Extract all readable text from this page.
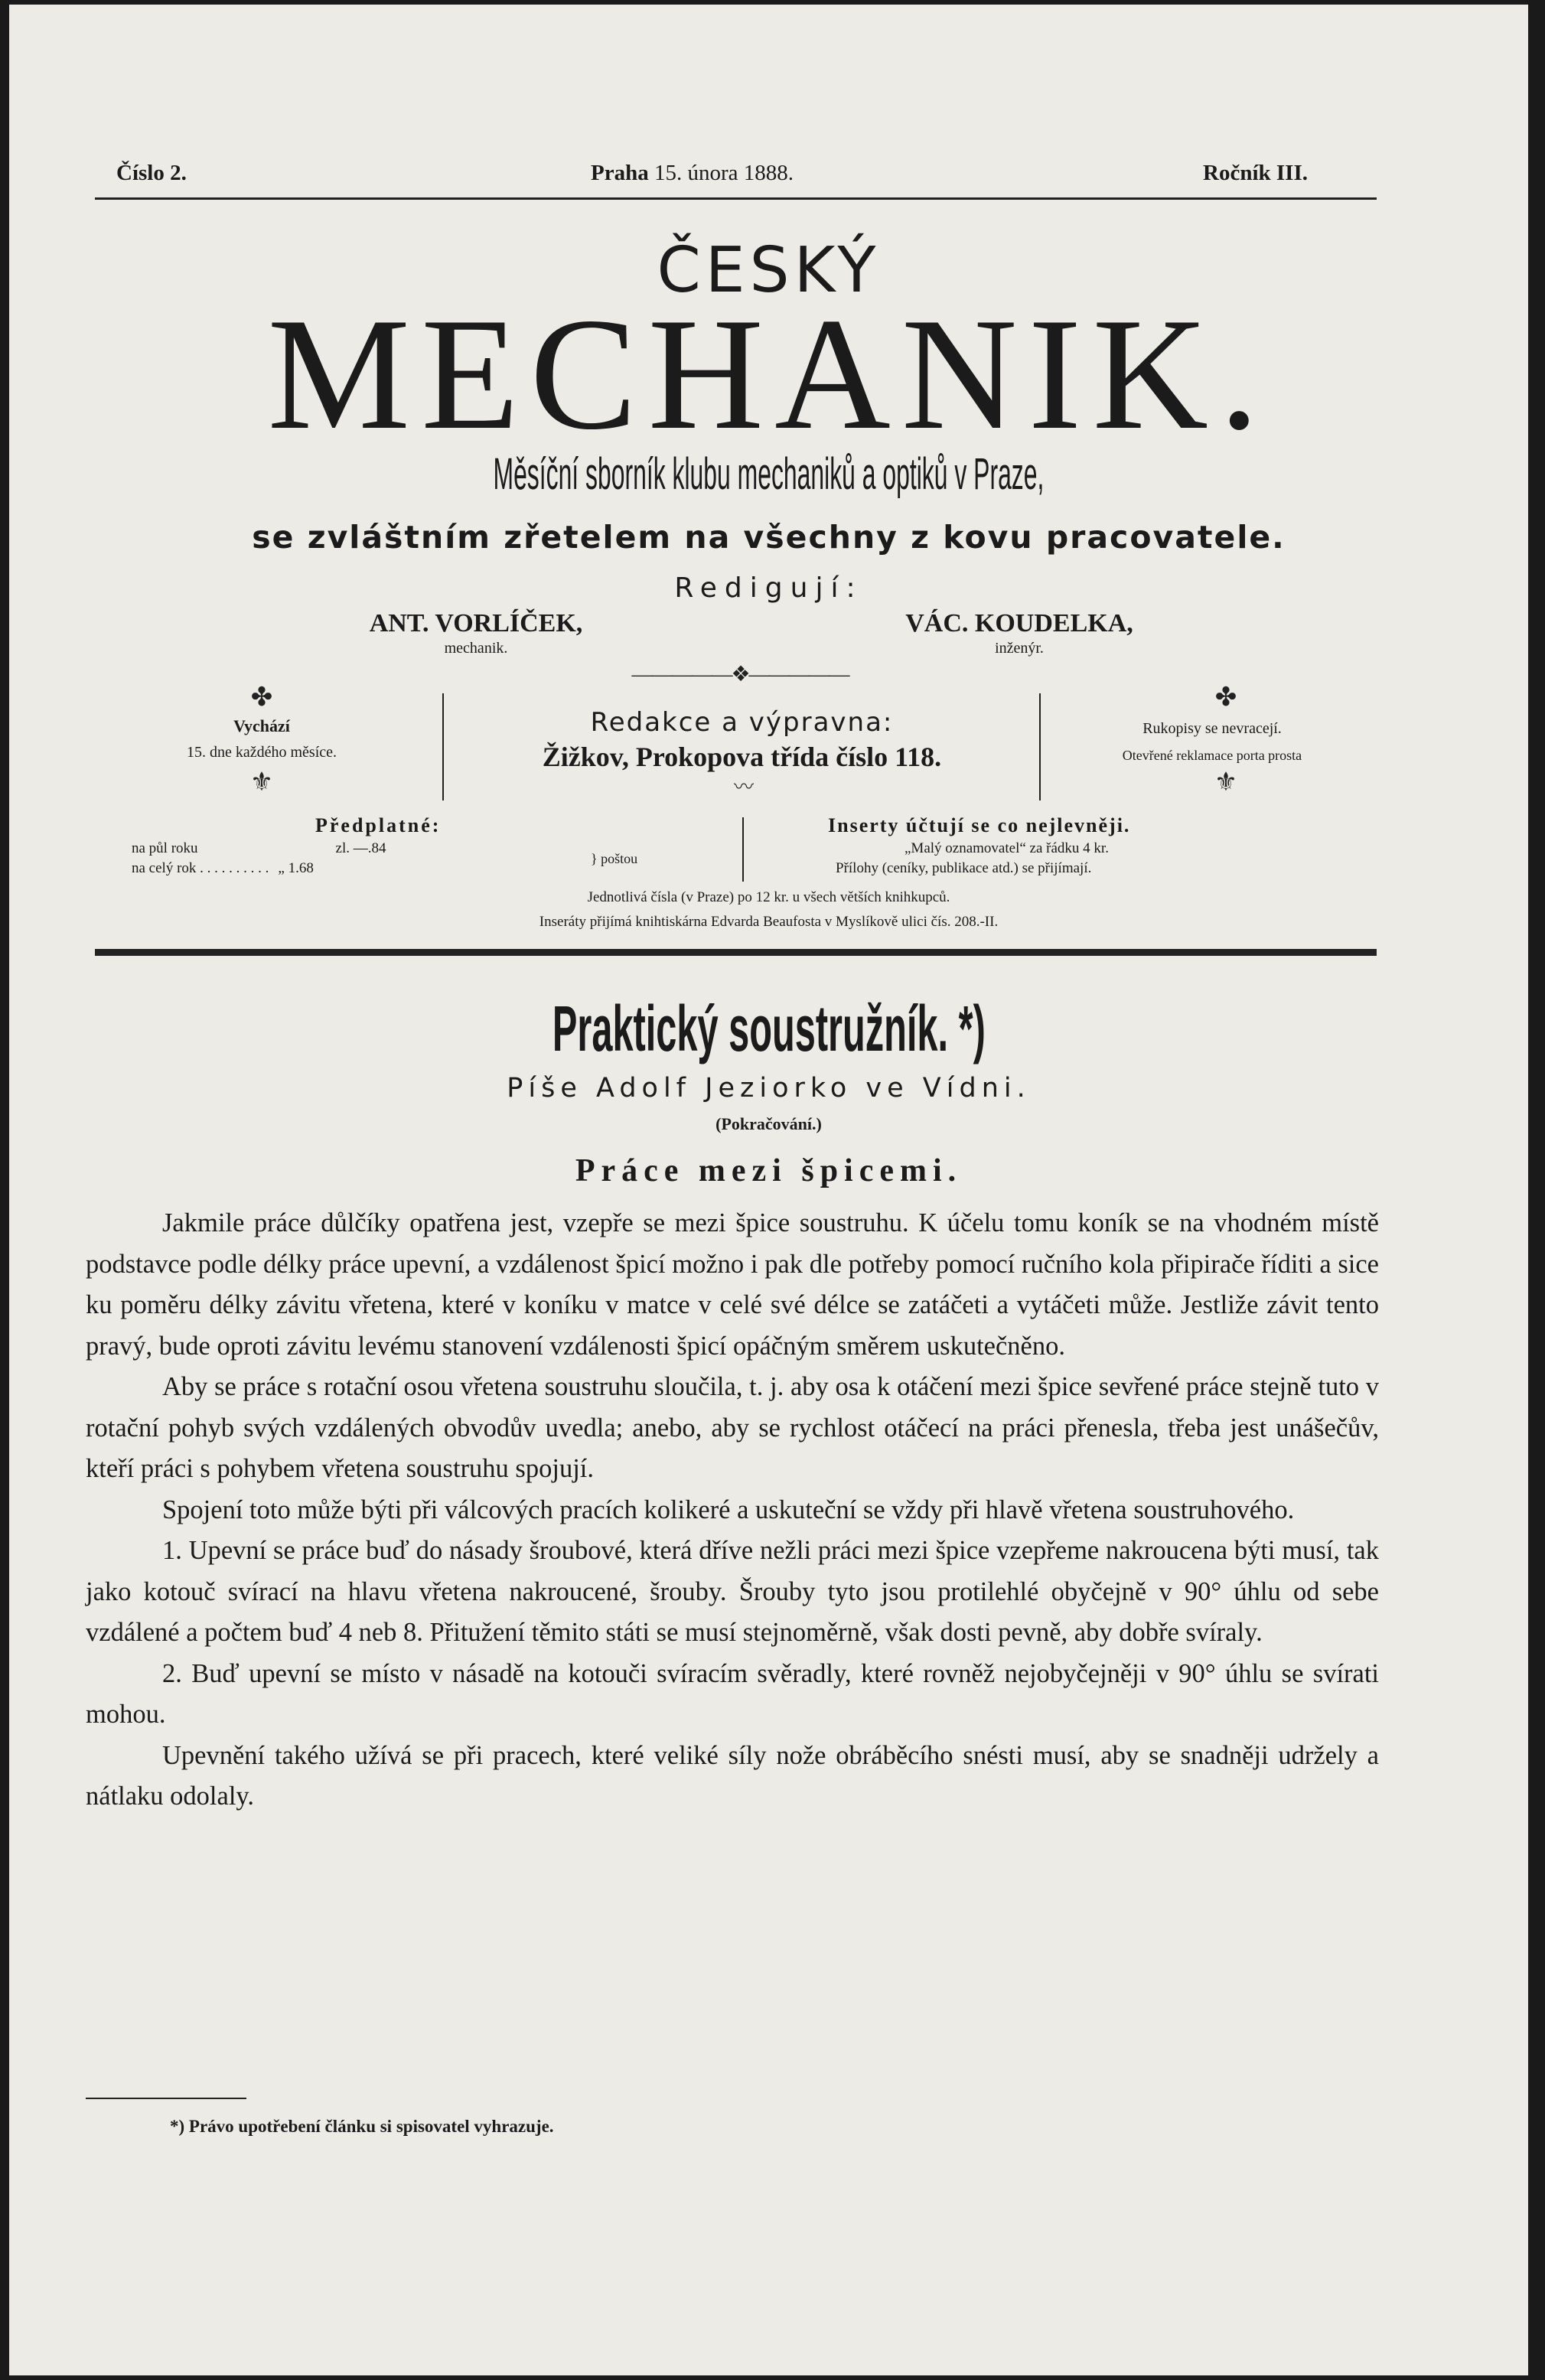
Číslo 2.	Praha 15. února 1888.	Ročník III.
ČESKÝ
MECHANIK.
Měsíční sborník klubu mechaniků a optiků v Praze,
se zvláštním zřetelem na všechny z kovu pracovatele.
Redigují:
ANT. VORLÍČEK,
mechanik.
VÁC. KOUDELKA,
inženýr.
—————❖—————
✤
Vychází
15. dne každého měsíce.
⚜
Redakce a výpravna:
Žižkov, Prokopova třída číslo 118.
〰
✤
Rukopisy se nevracejí.
Otevřené reklamace porta prosta
⚜
Předplatné:
na půl roku	zl. —.84
na celý rok . . . . . . . . . . „ 1.68
} poštou
Inserty účtují se co nejlevněji.
„Malý oznamovatel“ za řádku 4 kr.
Přílohy (ceníky, publikace atd.) se přijímají.
Jednotlivá čísla (v Praze) po 12 kr. u všech větších knihkupců.
Inseráty přijímá knihtiskárna Edvarda Beaufosta v Myslíkově ulici čís. 208.-II.
Praktický soustružník. *)
Píše Adolf Jeziorko ve Vídni.
(Pokračování.)
Práce mezi špicemi.

Jakmile práce důlčíky opatřena jest, vzepře se mezi špice soustruhu. K účelu tomu koník se na vhodném místě podstavce podle délky práce upevní, a vzdálenost špicí možno i pak dle potřeby pomocí ručního kola připirače říditi a sice ku poměru délky závitu vřetena, které v koníku v matce v celé své délce se zatáčeti a vytáčeti může. Jestliže závit tento pravý, bude oproti závitu levému stanovení vzdálenosti špicí opáčným směrem uskutečněno.

Aby se práce s rotační osou vřetena soustruhu sloučila, t. j. aby osa k otáčení mezi špice sevřené práce stejně tuto v rotační pohyb svých vzdálených obvodův uvedla; anebo, aby se rychlost otáčecí na práci přenesla, třeba jest unášečův, kteří práci s pohybem vřetena soustruhu spojují.

Spojení toto může býti při válcových pracích kolikeré a uskuteční se vždy při hlavě vřetena soustruhového.

1. Upevní se práce buď do násady šroubové, která dříve nežli práci mezi špice vzepřeme nakroucena býti musí, tak jako kotouč svírací na hlavu vřetena nakroucené, šrouby. Šrouby tyto jsou protilehlé obyčejně v 90° úhlu od sebe vzdálené a počtem buď 4 neb 8. Přitužení těmito státi se musí stejnoměrně, však dosti pevně, aby dobře svíraly.

2. Buď upevní se místo v násadě na kotouči svíracím svěradly, které rovněž nejobyčejněji v 90° úhlu se svírati mohou.

Upevnění takého užívá se při pracech, které veliké síly nože obráběcího snésti musí, aby se snadněji udržely a nátlaku odolaly.

*) Právo upotřebení článku si spisovatel vyhrazuje.
